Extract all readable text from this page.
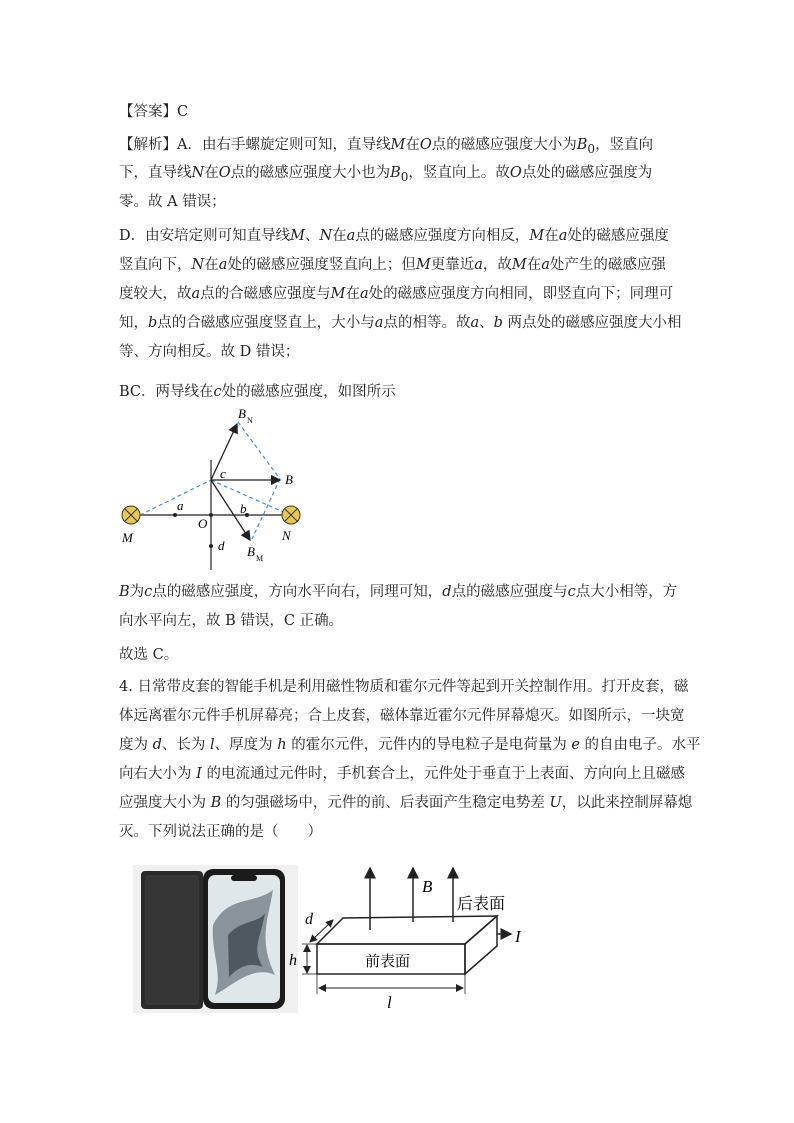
【答案】C
【解析】A．由右手螺旋定则可知，直导线M在O点的磁感应强度大小为$B_0$，竖直向
下，直导线N在O点的磁感应强度大小也为$B_0$，竖直向上。故O点处的磁感应强度为
零。故 A 错误；
D．由安培定则可知直导线M、N在a点的磁感应强度方向相反，M在a处的磁感应强度
竖直向下，N在a处的磁感应强度竖直向上；但M更靠近a，故M在a处产生的磁感应强
度较大，故a点的合磁感应强度与M在a处的磁感应强度方向相同，即竖直向下；同理可
知，b点的合磁感应强度竖直上，大小与a点的相等。故a、b 两点处的磁感应强度大小相
等、方向相反。故 D 错误；
BC．两导线在c处的磁感应强度，如图所示
B N
B
c
a
O
b
d
M	N
B M
B为c点的磁感应强度，方向水平向右，同理可知，d点的磁感应强度与c点大小相等，方
向水平向左，故 B 错误，C 正确。
故选 C。
4. 日常带皮套的智能手机是利用磁性物质和霍尔元件等起到开关控制作用。打开皮套，磁
体远离霍尔元件手机屏幕亮；合上皮套，磁体靠近霍尔元件屏幕熄灭。如图所示，一块宽
度为 d、长为 l、厚度为 h 的霍尔元件，元件内的导电粒子是电荷量为 e 的自由电子。水平
向右大小为 I 的电流通过元件时，手机套合上，元件处于垂直于上表面、方向向上且磁感
应强度大小为 B 的匀强磁场中，元件的前、后表面产生稳定电势差 U，以此来控制屏幕熄
灭。下列说法正确的是（　　）
B
后表面
前表面
d
h
l
I
